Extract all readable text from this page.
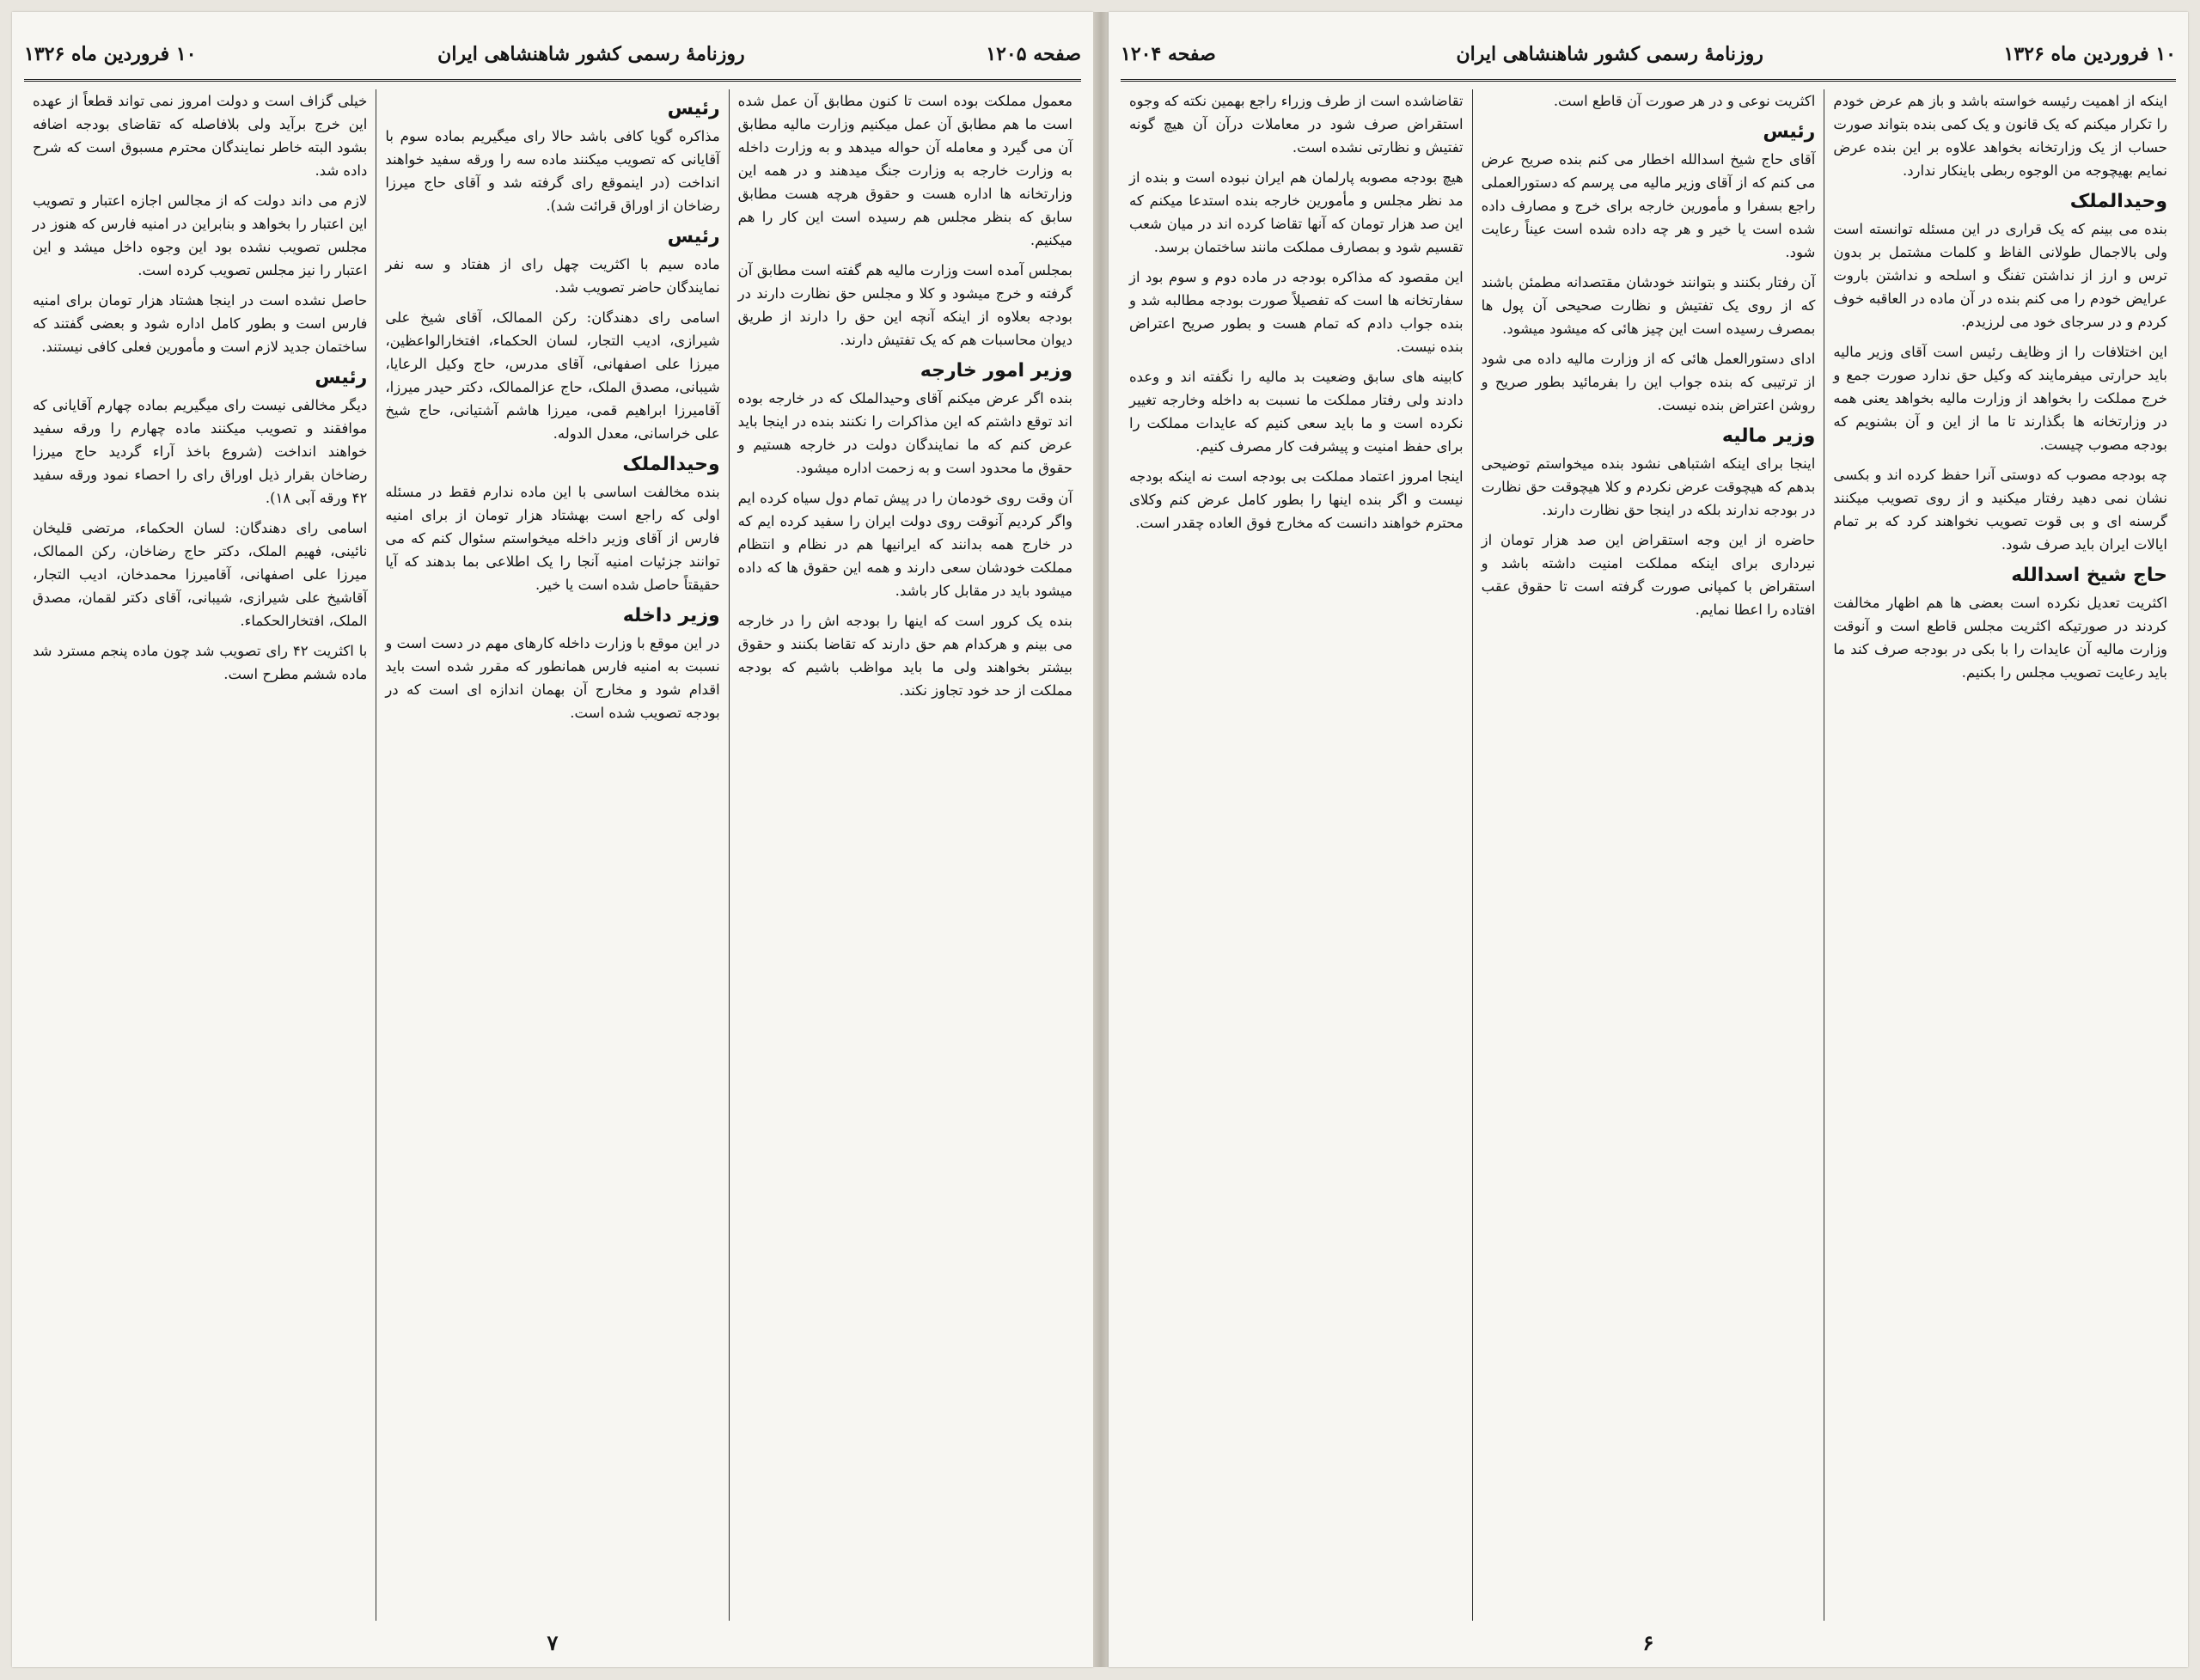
صفحه ۱۲۰۵
روزنامهٔ رسمی کشور شاهنشاهی ایران
۱۰ فروردین ماه ۱۳۲۶

معمول مملکت بوده است تا کنون مطابق آن عمل شده است ما هم مطابق آن عمل میکنیم وزارت مالیه مطابق آن می گیرد و معامله آن حواله میدهد و به وزارت داخله به وزارت خارجه به وزارت جنگ میدهند و در همه این وزارتخانه ها اداره هست و حقوق هرچه هست مطابق سابق که بنظر مجلس هم رسیده است این کار را هم میکنیم.

بمجلس آمده است وزارت مالیه هم گفته است مطابق آن گرفته و خرج میشود و کلا و مجلس حق نظارت دارند در بودجه بعلاوه از اینکه آنچه این حق را دارند از طریق دیوان محاسبات هم که یک تفتیش دارند.

وزیر امور خارجه

بنده اگر عرض میکنم آقای وحیدالملک که در خارجه بوده اند توقع داشتم که این مذاکرات را نکنند بنده در اینجا باید عرض کنم که ما نمایندگان دولت در خارجه هستیم و حقوق ما محدود است و به زحمت اداره میشود.

آن وقت روی خودمان را در پیش تمام دول سیاه کرده ایم واگر کردیم آنوقت روی دولت ایران را سفید کرده ایم که در خارج همه بدانند که ایرانیها هم در نظام و انتظام مملکت خودشان سعی دارند و همه این حقوق ها که داده میشود باید در مقابل کار باشد.

بنده یک کرور است که اینها را بودجه اش را در خارجه می بینم و هرکدام هم حق دارند که تقاضا بکنند و حقوق بیشتر بخواهند ولی ما باید مواظب باشیم که بودجه مملکت از حد خود تجاوز نکند.

رئیس

مذاکره گویا کافی باشد حالا رای میگیریم بماده سوم با آقایانی که تصویب میکنند ماده سه را ورقه سفید خواهند انداخت (در اینموقع رای گرفته شد و آقای حاج میرزا رضاخان از اوراق قرائت شد).

رئیس

ماده سیم با اکثریت چهل رای از هفتاد و سه نفر نمایندگان حاضر تصویب شد.

اسامی رای دهندگان: رکن الممالک، آقای شیخ علی شیرازی، ادیب التجار، لسان الحکماء، افتخارالواعظین، میرزا علی اصفهانی، آقای مدرس، حاج وکیل الرعایا، شیبانی، مصدق الملک، حاج عزالممالک، دکتر حیدر میرزا، آقامیرزا ابراهیم قمی، میرزا هاشم آشتیانی، حاج شیخ علی خراسانی، معدل الدوله.

وحیدالملک

بنده مخالفت اساسی با این ماده ندارم فقط در مسئله اولی که راجع است بهشتاد هزار تومان از برای امنیه فارس از آقای وزیر داخله میخواستم سئوال کنم که می توانند جزئیات امنیه آنجا را یک اطلاعی بما بدهند که آیا حقیقتاً حاصل شده است یا خیر.

وزیر داخله

در این موقع با وزارت داخله کارهای مهم در دست است و نسبت به امنیه فارس همانطور که مقرر شده است باید اقدام شود و مخارج آن بهمان اندازه ای است که در بودجه تصویب شده است.

خیلی گزاف است و دولت امروز نمی تواند قطعاً از عهده این خرج برآید ولی بلافاصله که تقاضای بودجه اضافه بشود البته خاطر نمایندگان محترم مسبوق است که شرح داده شد.

لازم می داند دولت که از مجالس اجازه اعتبار و تصویب این اعتبار را بخواهد و بنابراین در امنیه فارس که هنوز در مجلس تصویب نشده بود این وجوه داخل میشد و این اعتبار را نیز مجلس تصویب کرده است.

حاصل نشده است در اینجا هشتاد هزار تومان برای امنیه فارس است و بطور کامل اداره شود و بعضی گفتند که ساختمان جدید لازم است و مأمورین فعلی کافی نیستند.

رئیس

دیگر مخالفی نیست رای میگیریم بماده چهارم آقایانی که موافقند و تصویب میکنند ماده چهارم را ورقه سفید خواهند انداخت (شروع باخذ آراء گردید حاج میرزا رضاخان بقرار ذیل اوراق رای را احصاء نمود ورقه سفید ۴۲ ورقه آبی ۱۸).

اسامی رای دهندگان: لسان الحکماء، مرتضی قلیخان نائینی، فهیم الملک، دکتر حاج رضاخان، رکن الممالک، میرزا علی اصفهانی، آقامیرزا محمدخان، ادیب التجار، آقاشیخ علی شیرازی، شیبانی، آقای دکتر لقمان، مصدق الملک، افتخارالحکماء.

با اکثریت ۴۲ رای تصویب شد چون ماده پنجم مسترد شد ماده ششم مطرح است.

۷
۱۰ فروردین ماه ۱۳۲۶
روزنامهٔ رسمی کشور شاهنشاهی ایران
صفحه ۱۲۰۴

اینکه از اهمیت رئیسه خواسته باشد و باز هم عرض خودم را تکرار میکنم که یک قانون و یک کمی بنده بتواند صورت حساب از یک وزارتخانه بخواهد علاوه بر این بنده عرض نمایم بهیچوجه من الوجوه ربطی باینکار ندارد.

وحیدالملک

بنده می بینم که یک قراری در این مسئله توانسته است ولی بالاجمال طولانی الفاظ و کلمات مشتمل بر بدون ترس و ارز از نداشتن تفنگ و اسلحه و نداشتن باروت عرایض خودم را می کنم بنده در آن ماده در العاقبه خوف کردم و در سرجای خود می لرزیدم.

این اختلافات را از وظایف رئیس است آقای وزیر مالیه باید حرارتی میفرمایند که وکیل حق ندارد صورت جمع و خرج مملکت را بخواهد از وزارت مالیه بخواهد یعنی همه در وزارتخانه ها بگذارند تا ما از این و آن بشنویم که بودجه مصوب چیست.

چه بودجه مصوب که دوستی آنرا حفظ کرده اند و بکسی نشان نمی دهید رفتار میکنید و از روی تصویب میکنند گرسنه ای و بی قوت تصویب نخواهند کرد که بر تمام ایالات ایران باید صرف شود.

حاج شیخ اسدالله

اکثریت تعدیل نکرده است بعضی ها هم اظهار مخالفت کردند در صورتیکه اکثریت مجلس قاطع است و آنوقت وزارت مالیه آن عایدات را با بکی در بودجه صرف کند ما باید رعایت تصویب مجلس را بکنیم.

اکثریت نوعی و در هر صورت آن قاطع است.

رئیس

آقای حاج شیخ اسدالله اخطار می کنم بنده صریح عرض می کنم که از آقای وزیر مالیه می پرسم که دستورالعملی راجع بسفرا و مأمورین خارجه برای خرج و مصارف داده شده است یا خیر و هر چه داده شده است عیناً رعایت شود.

آن رفتار بکنند و بتوانند خودشان مقتصدانه مطمئن باشند که از روی یک تفتیش و نظارت صحیحی آن پول ها بمصرف رسیده است این چیز هائی که میشود میشود.

ادای دستورالعمل هائی که از وزارت مالیه داده می شود از ترتیبی که بنده جواب این را بفرمائید بطور صریح و روشن اعتراض بنده نیست.

وزیر مالیه

اینجا برای اینکه اشتباهی نشود بنده میخواستم توضیحی بدهم که هیچوقت عرض نکردم و کلا هیچوقت حق نظارت در بودجه ندارند بلکه در اینجا حق نظارت دارند.

حاضره از این وجه استقراض این صد هزار تومان از نیرداری برای اینکه مملکت امنیت داشته باشد و استقراض با کمپانی صورت گرفته است تا حقوق عقب افتاده را اعطا نمایم.

تقاضاشده است از طرف وزراء راجع بهمین نکته که وجوه استقراض صرف شود در معاملات درآن آن هیچ گونه تفتیش و نظارتی نشده است.

هیچ بودجه مصوبه پارلمان هم ایران نبوده است و بنده از مد نظر مجلس و مأمورین خارجه بنده استدعا میکنم که این صد هزار تومان که آنها تقاضا کرده اند در میان شعب تقسیم شود و بمصارف مملکت مانند ساختمان برسد.

این مقصود که مذاکره بودجه در ماده دوم و سوم بود از سفارتخانه ها است که تفصیلاً صورت بودجه مطالبه شد و بنده جواب دادم که تمام هست و بطور صریح اعتراض بنده نیست.

کابینه های سابق وضعیت بد مالیه را نگفته اند و وعده دادند ولی رفتار مملکت ما نسبت به داخله وخارجه تغییر نکرده است و ما باید سعی کنیم که عایدات مملکت را برای حفظ امنیت و پیشرفت کار مصرف کنیم.

اینجا امروز اعتماد مملکت بی بودجه است نه اینکه بودجه نیست و اگر بنده اینها را بطور کامل عرض کنم وکلای محترم خواهند دانست که مخارج فوق العاده چقدر است.

۶
